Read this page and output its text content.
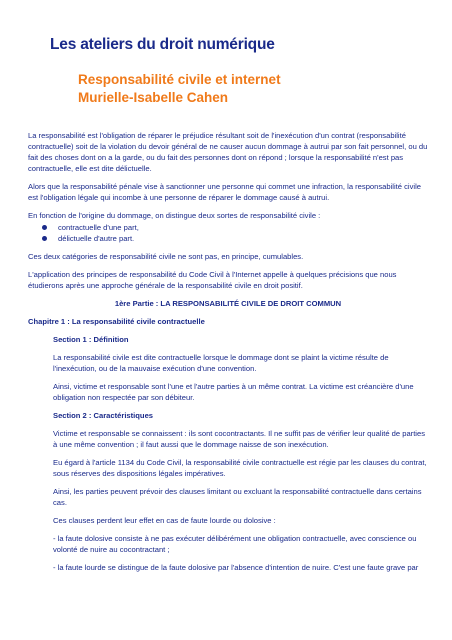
Les ateliers du droit numérique
Responsabilité civile et internet
Murielle-Isabelle Cahen

La responsabilité est l'obligation de réparer le préjudice résultant soit de l'inexécution d'un contrat (responsabilité contractuelle) soit de la violation du devoir général de ne causer aucun dommage à autrui par son fait personnel, ou du fait des choses dont on a la garde, ou du fait des personnes dont on répond ; lorsque la responsabilité n'est pas contractuelle, elle est dite délictuelle.

Alors que la responsabilité pénale vise à sanctionner une personne qui commet une infraction, la responsabilité civile est l'obligation légale qui incombe à une personne de réparer le dommage causé à autrui.

En fonction de l'origine du dommage, on distingue deux sortes de responsabilité civile :

contractuelle d'une part,
délictuelle d'autre part.

Ces deux catégories de responsabilité civile ne sont pas, en principe, cumulables.

L'application des principes de responsabilité du Code Civil à l'Internet appelle à quelques précisions que nous étudierons après une approche générale de la responsabilité civile en droit positif.

1ère Partie : LA RESPONSABILITÉ CIVILE DE DROIT COMMUN

Chapitre 1 : La responsabilité civile contractuelle

Section 1 : Définition

La responsabilité civile est dite contractuelle lorsque le dommage dont se plaint la victime résulte de l'inexécution, ou de la mauvaise exécution d'une convention.

Ainsi, victime et responsable sont l'une et l'autre parties à un même contrat. La victime est créancière d'une obligation non respectée par son débiteur.

Section 2 : Caractéristiques

Victime et responsable se connaissent : ils sont cocontractants. Il ne suffit pas de vérifier leur qualité de parties à une même convention ; il faut aussi que le dommage naisse de son inexécution.

Eu égard à l'article 1134 du Code Civil, la responsabilité civile contractuelle est régie par les clauses du contrat, sous réserves des dispositions légales impératives.

Ainsi, les parties peuvent prévoir des clauses limitant ou excluant la responsabilité contractuelle dans certains cas.

Ces clauses perdent leur effet en cas de faute lourde ou dolosive :

- la faute dolosive consiste à ne pas exécuter délibérément une obligation contractuelle, avec conscience ou volonté de nuire au cocontractant ;

- la faute lourde se distingue de la faute dolosive par l'absence d'intention de nuire. C'est une faute grave par
